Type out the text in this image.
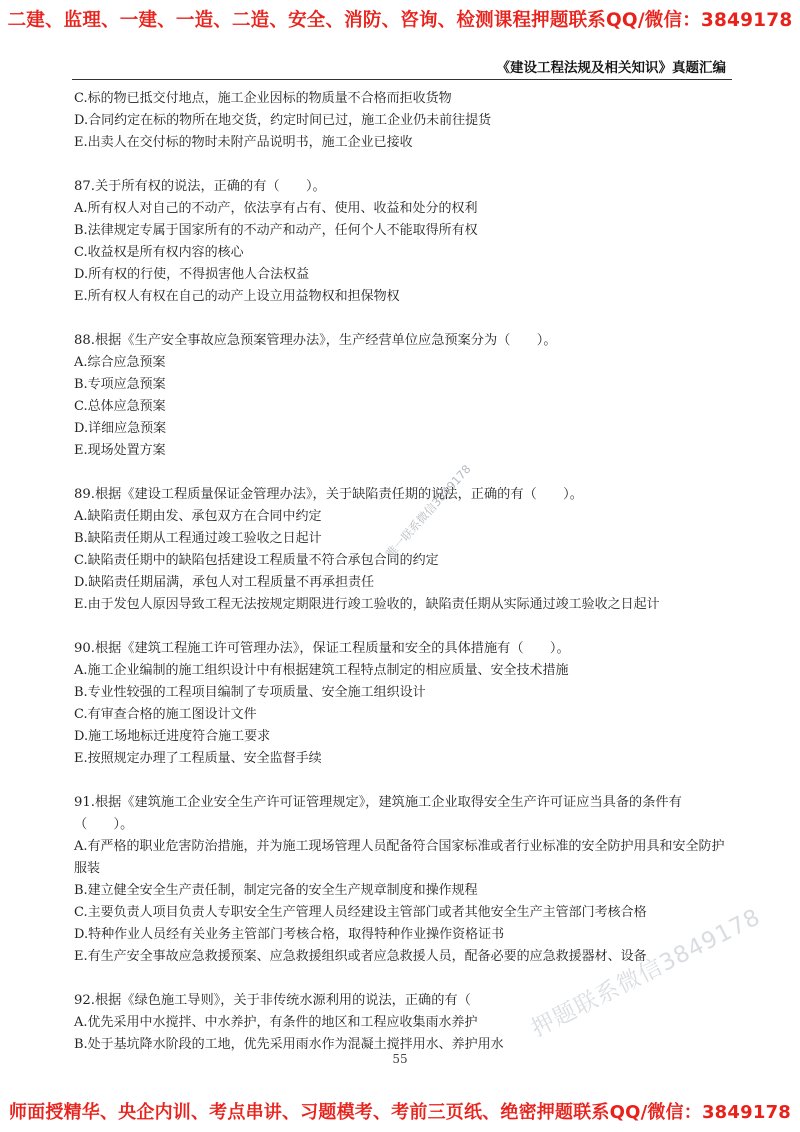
二建、监理、一建、一造、二造、安全、消防、咨询、检测课程押题联系QQ/微信：3849178
《建设工程法规及相关知识》真题汇编
C.标的物已抵交付地点，施工企业因标的物质量不合格而拒收货物
D.合同约定在标的物所在地交货，约定时间已过，施工企业仍未前往提货
E.出卖人在交付标的物时未附产品说明书，施工企业已接收
87.关于所有权的说法，正确的有（　　）。
A.所有权人对自己的不动产，依法享有占有、使用、收益和处分的权利
B.法律规定专属于国家所有的不动产和动产，任何个人不能取得所有权
C.收益权是所有权内容的核心
D.所有权的行使，不得损害他人合法权益
E.所有权人有权在自己的动产上设立用益物权和担保物权
88.根据《生产安全事故应急预案管理办法》，生产经营单位应急预案分为（　　）。
A.综合应急预案
B.专项应急预案
C.总体应急预案
D.详细应急预案
E.现场处置方案
89.根据《建设工程质量保证金管理办法》，关于缺陷责任期的说法，正确的有（　　）。
A.缺陷责任期由发、承包双方在合同中约定
B.缺陷责任期从工程通过竣工验收之日起计
C.缺陷责任期中的缺陷包括建设工程质量不符合承包合同的约定
D.缺陷责任期届满，承包人对工程质量不再承担责任
E.由于发包人原因导致工程无法按规定期限进行竣工验收的，缺陷责任期从实际通过竣工验收之日起计
90.根据《建筑工程施工许可管理办法》，保证工程质量和安全的具体措施有（　　）。
A.施工企业编制的施工组织设计中有根据建筑工程特点制定的相应质量、安全技术措施
B.专业性较强的工程项目编制了专项质量、安全施工组织设计
C.有审查合格的施工图设计文件
D.施工场地标迁进度符合施工要求
E.按照规定办理了工程质量、安全监督手续
91.根据《建筑施工企业安全生产许可证管理规定》，建筑施工企业取得安全生产许可证应当具备的条件有（　　）。
A.有严格的职业危害防治措施，并为施工现场管理人员配备符合国家标准或者行业标准的安全防护用具和安全防护服装
B.建立健全安全生产责任制，制定完备的安全生产规章制度和操作规程
C.主要负责人项目负责人专职安全生产管理人员经建设主管部门或者其他安全生产主管部门考核合格
D.特种作业人员经有关业务主管部门考核合格，取得特种作业操作资格证书
E.有生产安全事故应急救援预案、应急救援组织或者应急救援人员，配备必要的应急救援器材、设备
92.根据《绿色施工导则》，关于非传统水源利用的说法，正确的有（　　
A.优先采用中水搅拌、中水养护，有条件的地区和工程应收集雨水养护
B.处于基坑降水阶段的工地，优先采用雨水作为混凝土搅拌用水、养护用水
唯一联系微信3849178
押题联系微信3849178
55
师面授精华、央企内训、考点串讲、习题模考、考前三页纸、绝密押题联系QQ/微信：3849178
